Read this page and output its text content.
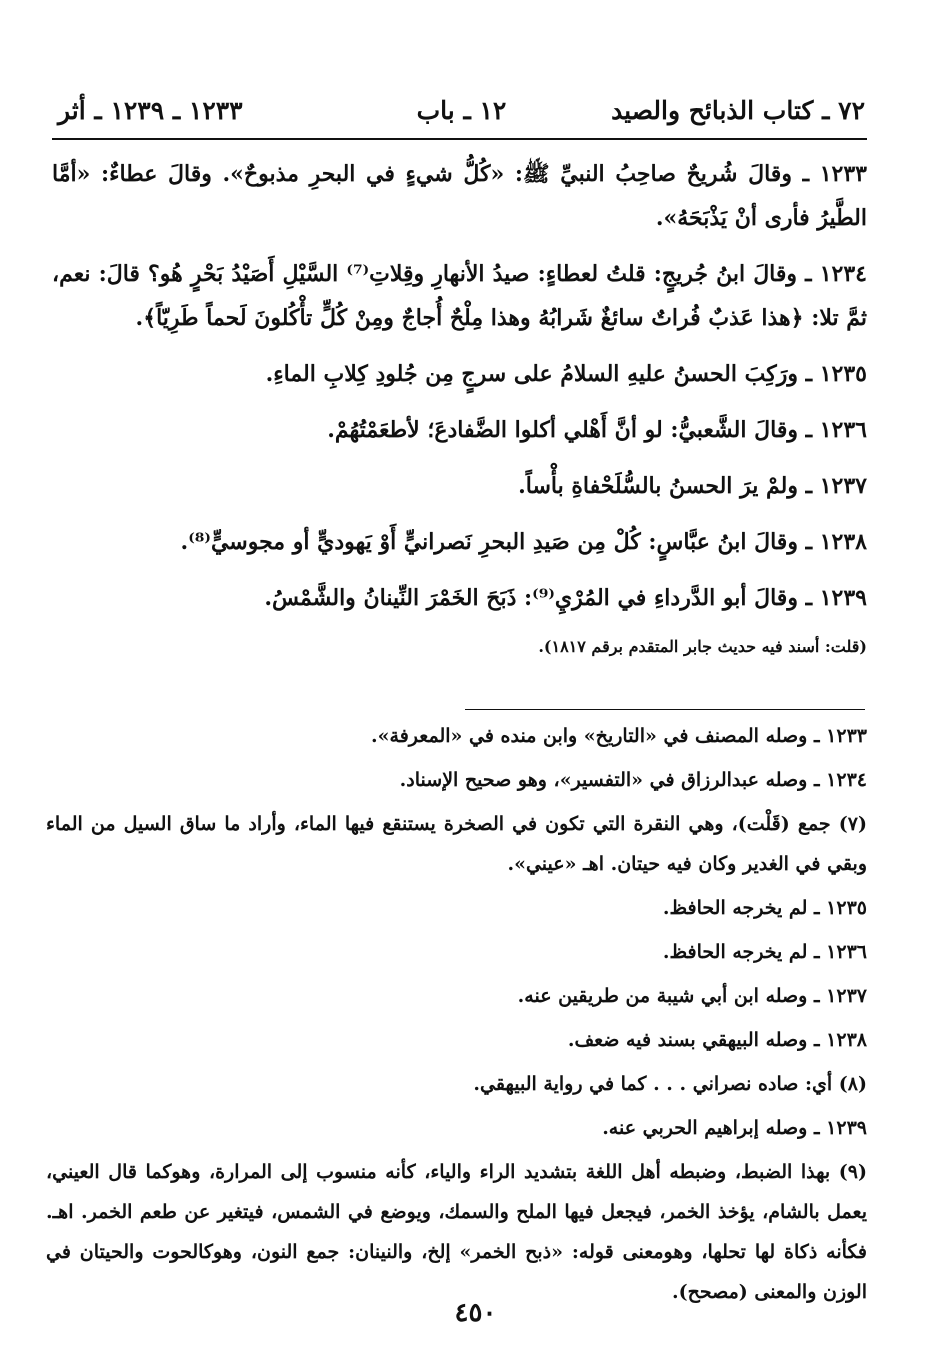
٧٢ ـ كتاب الذبائح والصيد
١٢ ـ باب
١٢٣٣ ـ ١٢٣٩ ـ أثر

١٢٣٣ ـ وقالَ شُريحٌ صاحِبُ النبيِّ ﷺ: «كُلُّ شيءٍ في البحرِ مذبوحٌ». وقالَ عطاءٌ: «أمَّا الطَّيرُ فأرى أنْ يَذْبَحَهُ».

١٢٣٤ ـ وقالَ ابنُ جُريجٍ: قلتُ لعطاءٍ: صيدُ الأنهارِ وقِلاتِ⁽⁷⁾ السَّيْلِ أَصَيْدُ بَحْرٍ هُو؟ قالَ: نعم، ثمَّ تلا: ﴿هذا عَذبٌ فُراتٌ سائغٌ شَرابُهُ وهذا مِلْحٌ أُجاجٌ ومِنْ كُلٍّ تأْكُلونَ لَحماً طَرِيّاً﴾.

١٢٣٥ ـ ورَكِبَ الحسنُ عليهِ السلامُ على سرجٍ مِن جُلودِ كِلابِ الماءِ.

١٢٣٦ ـ وقالَ الشَّعبيُّ: لو أنَّ أَهْلي أكلوا الضَّفادعَ؛ لأطعَمْتُهُمْ.

١٢٣٧ ـ ولمْ يرَ الحسنُ بالسُّلَحْفاةِ بأْساً.

١٢٣٨ ـ وقالَ ابنُ عبَّاسٍ: كُلْ مِن صَيدِ البحرِ نَصرانيٍّ أَوْ يَهوديٍّ أو مجوسيٍّ⁽⁸⁾.

١٢٣٩ ـ وقالَ أبو الدَّرداءِ في المُرْيِ⁽⁹⁾: ذَبَحَ الخَمْرَ النِّينانُ والشَّمْسُ.

(قلت: أسند فيه حديث جابر المتقدم برقم ١٨١٧).

١٢٣٣ ـ وصله المصنف في «التاريخ» وابن منده في «المعرفة».

١٢٣٤ ـ وصله عبدالرزاق في «التفسير»، وهو صحيح الإسناد.

(٧) جمع (قَلْت)، وهي النقرة التي تكون في الصخرة يستنقع فيها الماء، وأراد ما ساق السيل من الماء وبقي في الغدير وكان فيه حيتان. اهـ «عيني».

١٢٣٥ ـ لم يخرجه الحافظ.

١٢٣٦ ـ لم يخرجه الحافظ.

١٢٣٧ ـ وصله ابن أبي شيبة من طريقين عنه.

١٢٣٨ ـ وصله البيهقي بسند فيه ضعف.

(٨) أي: صاده نصراني . . . كما في رواية البيهقي.

١٢٣٩ ـ وصله إبراهيم الحربي عنه.

(٩) بهذا الضبط، وضبطه أهل اللغة بتشديد الراء والياء، كأنه منسوب إلى المرارة، وهوكما قال العيني، يعمل بالشام، يؤخذ الخمر، فيجعل فيها الملح والسمك، ويوضع في الشمس، فيتغير عن طعم الخمر. اهـ. فكأنه ذكاة لها تحلها، وهومعنى قوله: «ذبح الخمر» إلخ، والنينان: جمع النون، وهوكالحوت والحيتان في الوزن والمعنى (مصحح).

٤٥٠
